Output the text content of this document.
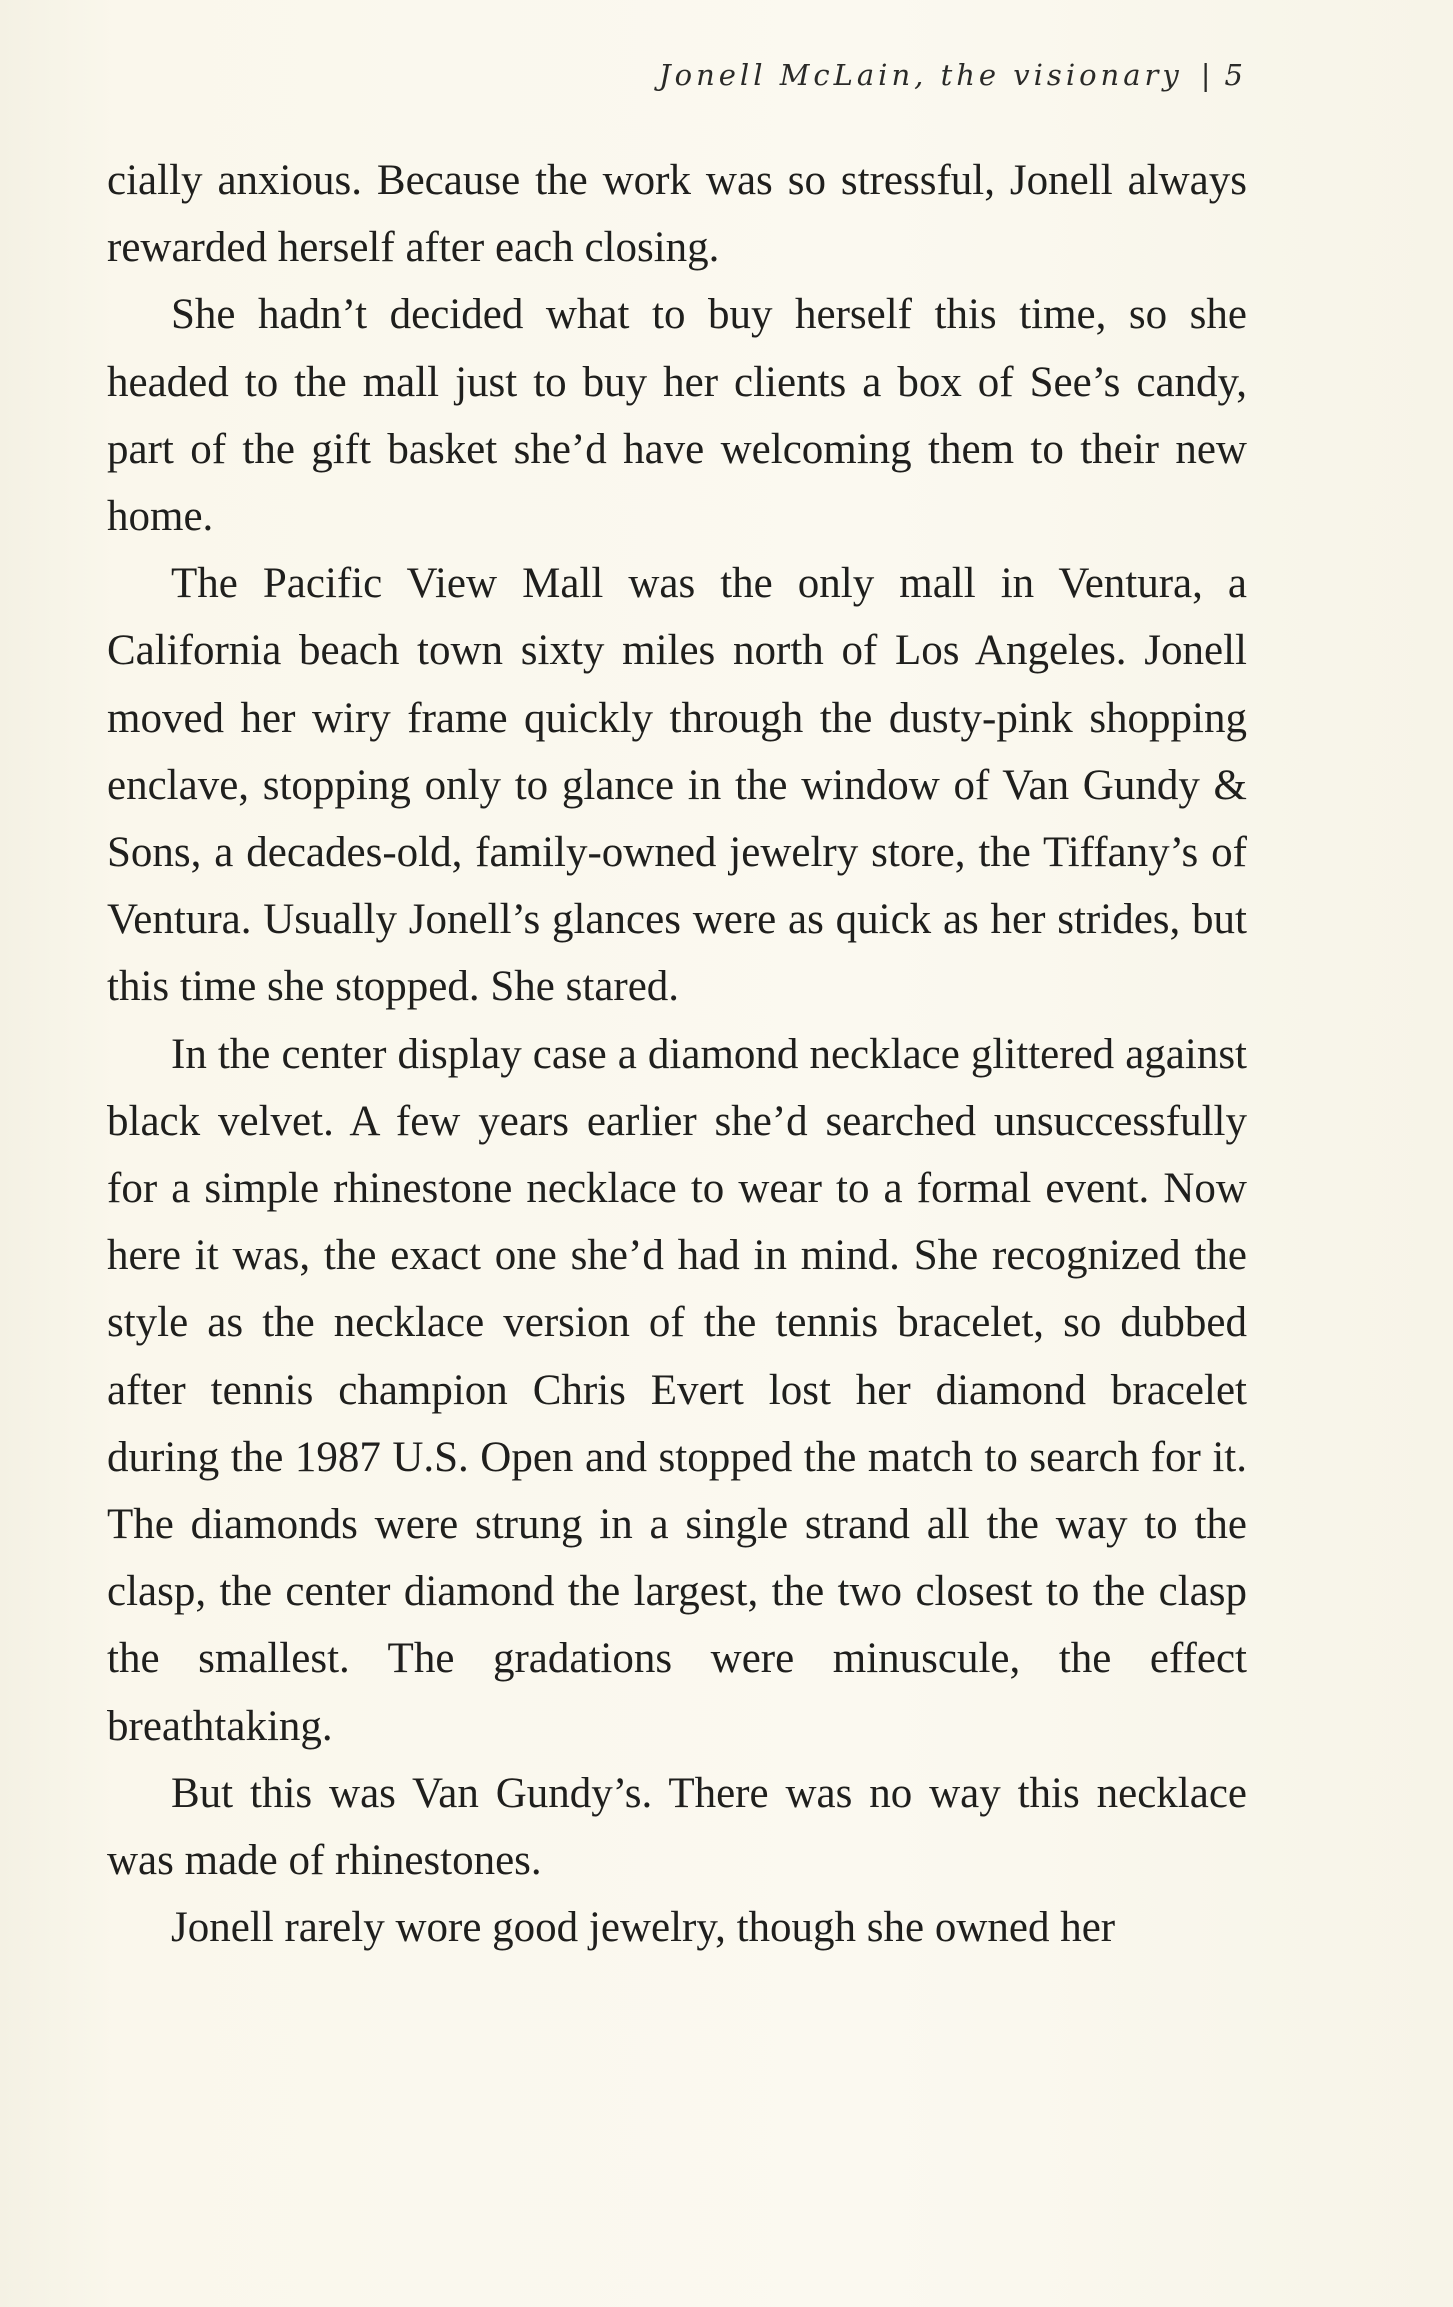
Jonell McLain, the visionary | 5

cially anxious. Because the work was so stressful, Jonell always rewarded herself after each closing.

She hadn’t decided what to buy herself this time, so she headed to the mall just to buy her clients a box of See’s candy, part of the gift basket she’d have welcoming them to their new home.

The Pacific View Mall was the only mall in Ventura, a California beach town sixty miles north of Los Angeles. Jonell moved her wiry frame quickly through the dusty-pink shopping enclave, stopping only to glance in the window of Van Gundy & Sons, a decades-old, family-owned jewelry store, the Tiffany’s of Ventura. Usually Jonell’s glances were as quick as her strides, but this time she stopped. She stared.

In the center display case a diamond necklace glittered against black velvet. A few years earlier she’d searched unsuccessfully for a simple rhinestone necklace to wear to a formal event. Now here it was, the exact one she’d had in mind. She recognized the style as the necklace version of the tennis bracelet, so dubbed after tennis champion Chris Evert lost her diamond bracelet during the 1987 U.S. Open and stopped the match to search for it. The diamonds were strung in a single strand all the way to the clasp, the center diamond the largest, the two closest to the clasp the smallest. The gradations were minuscule, the effect breathtaking.

But this was Van Gundy’s. There was no way this necklace was made of rhinestones.

Jonell rarely wore good jewelry, though she owned her
